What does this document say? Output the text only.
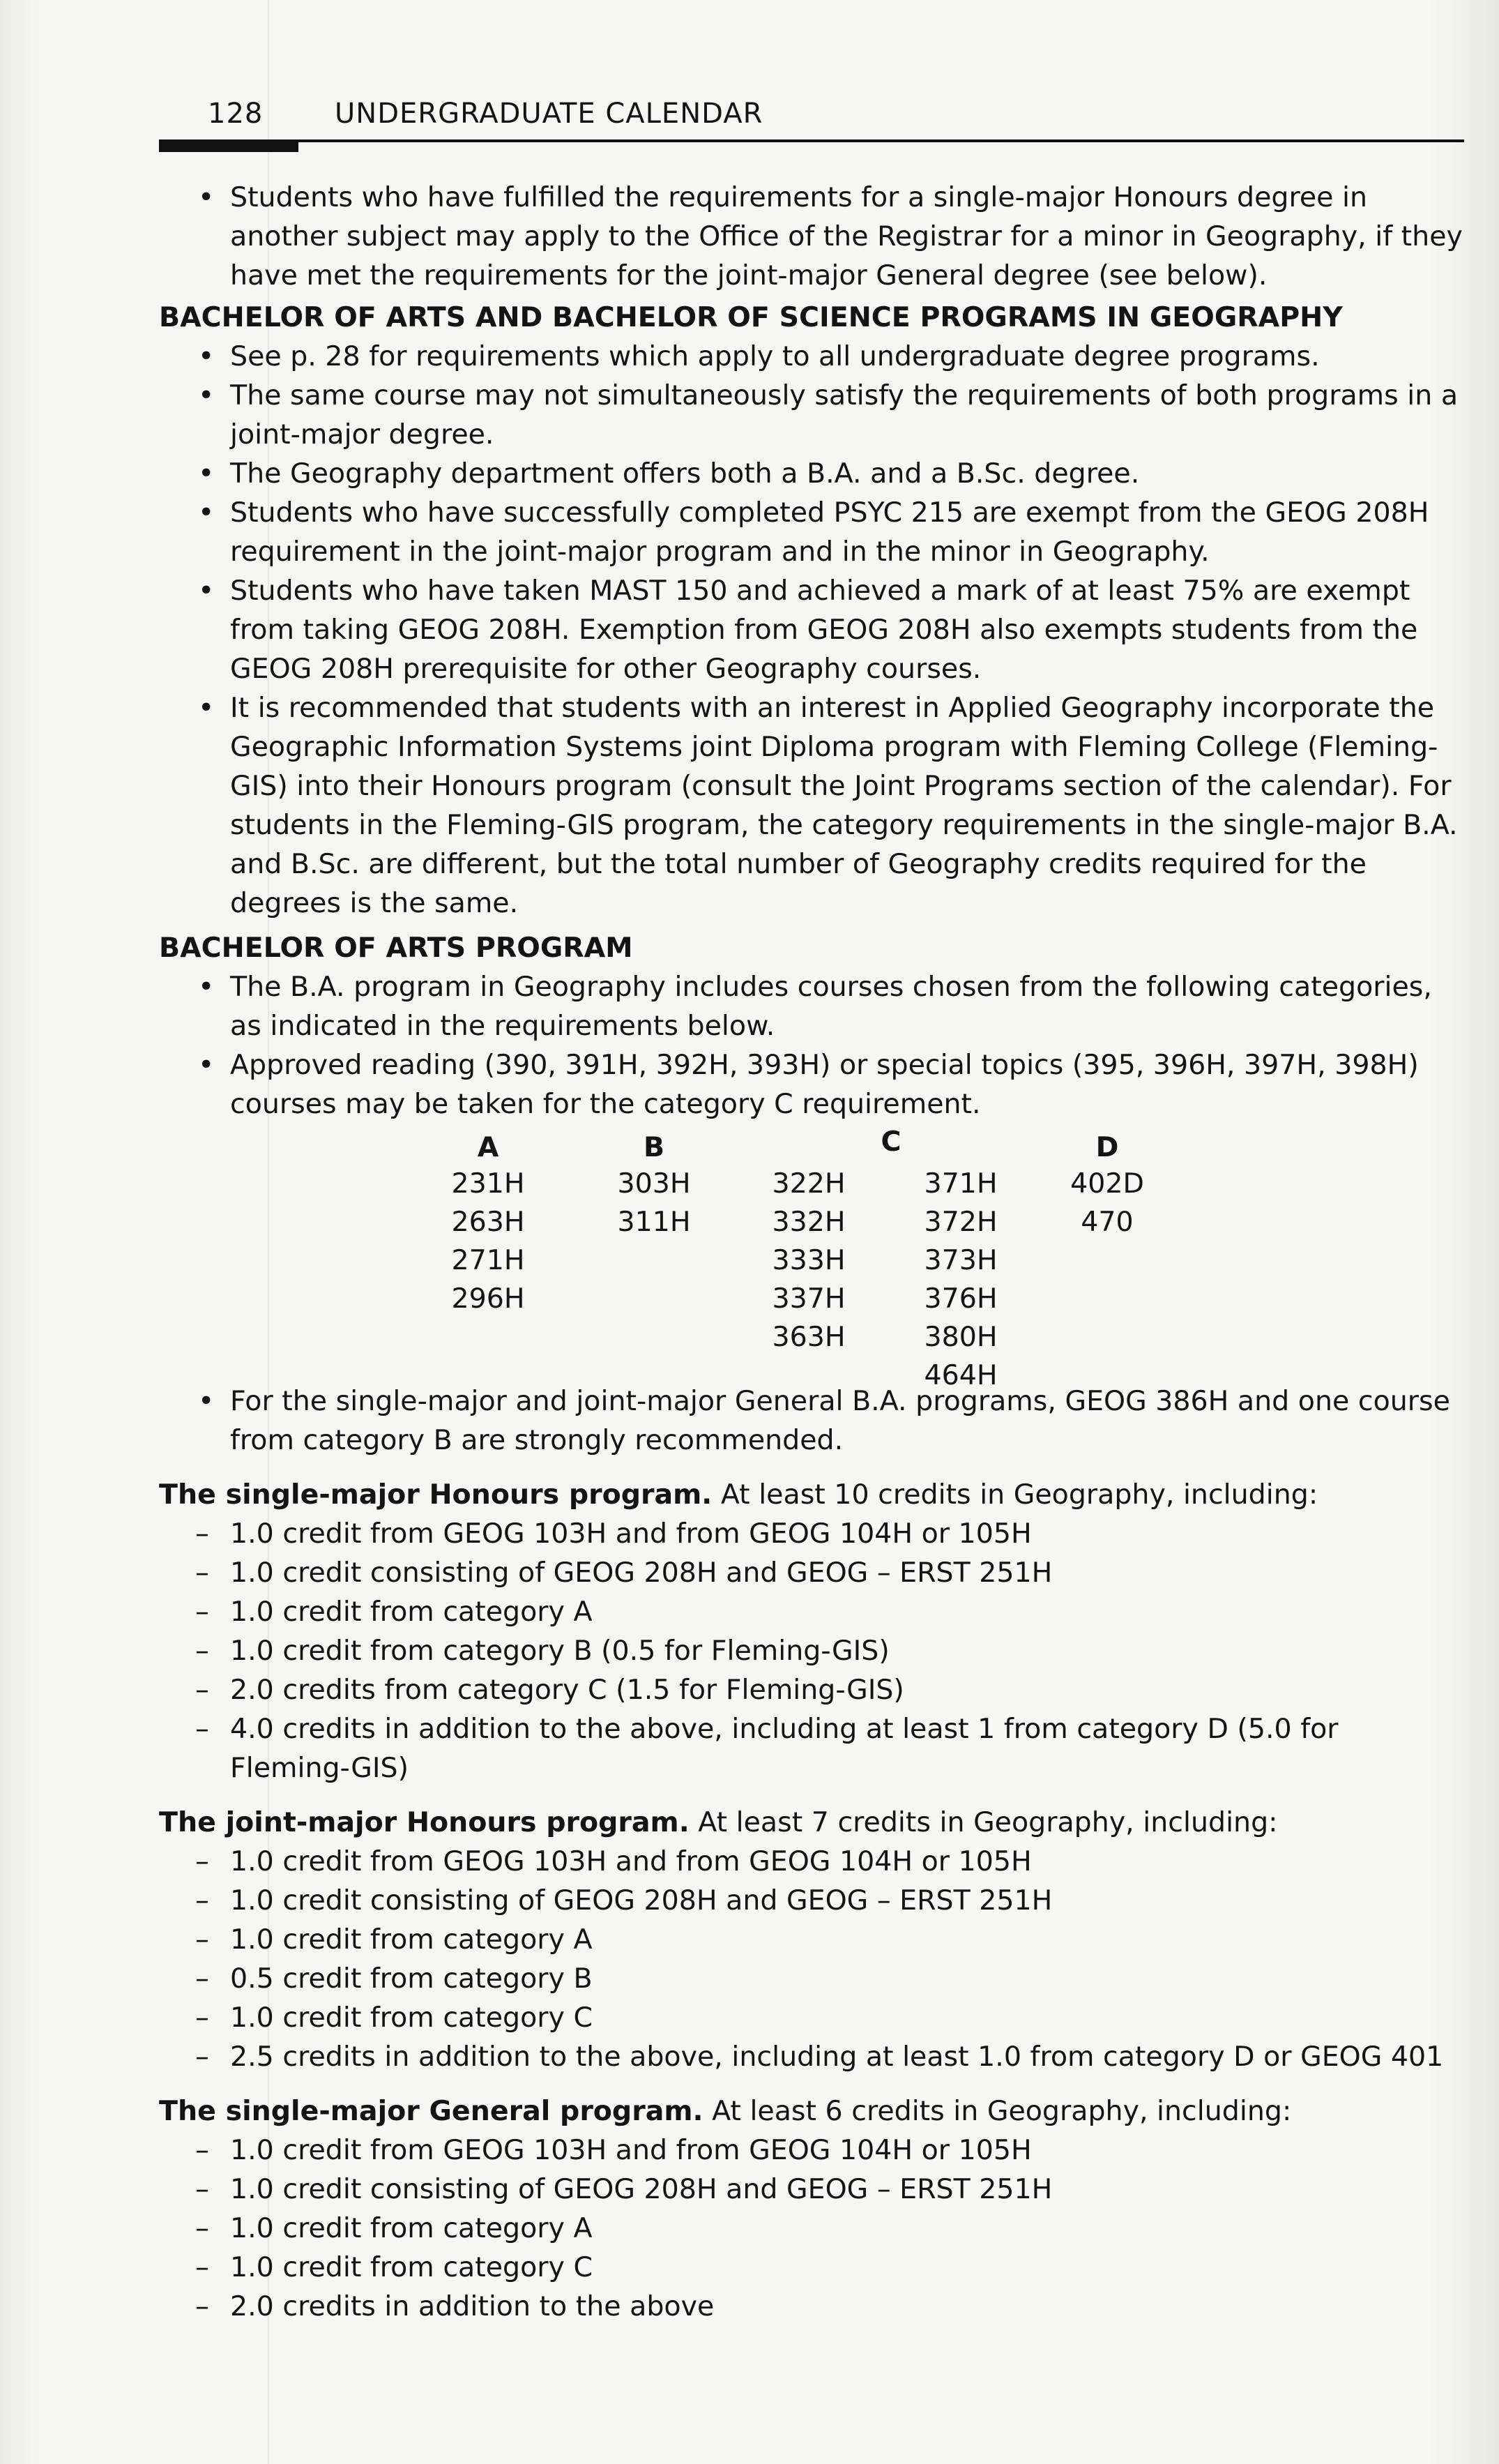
128	UNDERGRADUATE CALENDAR

• Students who have fulfilled the requirements for a single-major Honours degree in another subject may apply to the Office of the Registrar for a minor in Geography, if they have met the requirements for the joint-major General degree (see below).

BACHELOR OF ARTS AND BACHELOR OF SCIENCE PROGRAMS IN GEOGRAPHY

• See p. 28 for requirements which apply to all undergraduate degree programs.

• The same course may not simultaneously satisfy the requirements of both programs in a joint-major degree.

• The Geography department offers both a B.A. and a B.Sc. degree.

• Students who have successfully completed PSYC 215 are exempt from the GEOG 208H requirement in the joint-major program and in the minor in Geography.

• Students who have taken MAST 150 and achieved a mark of at least 75% are exempt from taking GEOG 208H. Exemption from GEOG 208H also exempts students from the GEOG 208H prerequisite for other Geography courses.

• It is recommended that students with an interest in Applied Geography incorporate the Geographic Information Systems joint Diploma program with Fleming College (Fleming-GIS) into their Honours program (consult the Joint Programs section of the calendar). For students in the Fleming-GIS program, the category requirements in the single-major B.A. and B.Sc. are different, but the total number of Geography credits required for the degrees is the same.

BACHELOR OF ARTS PROGRAM

• The B.A. program in Geography includes courses chosen from the following categories, as indicated in the requirements below.

• Approved reading (390, 391H, 392H, 393H) or special topics (395, 396H, 397H, 398H) courses may be taken for the category C requirement.

A
231H
263H
271H
296H
B
303H
311H
322H
332H
333H
337H
363H
C
371H
372H
373H
376H
380H
464H
D
402D
470

• For the single-major and joint-major General B.A. programs, GEOG 386H and one course from category B are strongly recommended.

The single-major Honours program. At least 10 credits in Geography, including:

– 1.0 credit from GEOG 103H and from GEOG 104H or 105H

– 1.0 credit consisting of GEOG 208H and GEOG – ERST 251H

– 1.0 credit from category A

– 1.0 credit from category B (0.5 for Fleming-GIS)

– 2.0 credits from category C (1.5 for Fleming-GIS)

– 4.0 credits in addition to the above, including at least 1 from category D (5.0 for Fleming-GIS)

The joint-major Honours program. At least 7 credits in Geography, including:

– 1.0 credit from GEOG 103H and from GEOG 104H or 105H

– 1.0 credit consisting of GEOG 208H and GEOG – ERST 251H

– 1.0 credit from category A

– 0.5 credit from category B

– 1.0 credit from category C

– 2.5 credits in addition to the above, including at least 1.0 from category D or GEOG 401

The single-major General program. At least 6 credits in Geography, including:

– 1.0 credit from GEOG 103H and from GEOG 104H or 105H

– 1.0 credit consisting of GEOG 208H and GEOG – ERST 251H

– 1.0 credit from category A

– 1.0 credit from category C

– 2.0 credits in addition to the above
